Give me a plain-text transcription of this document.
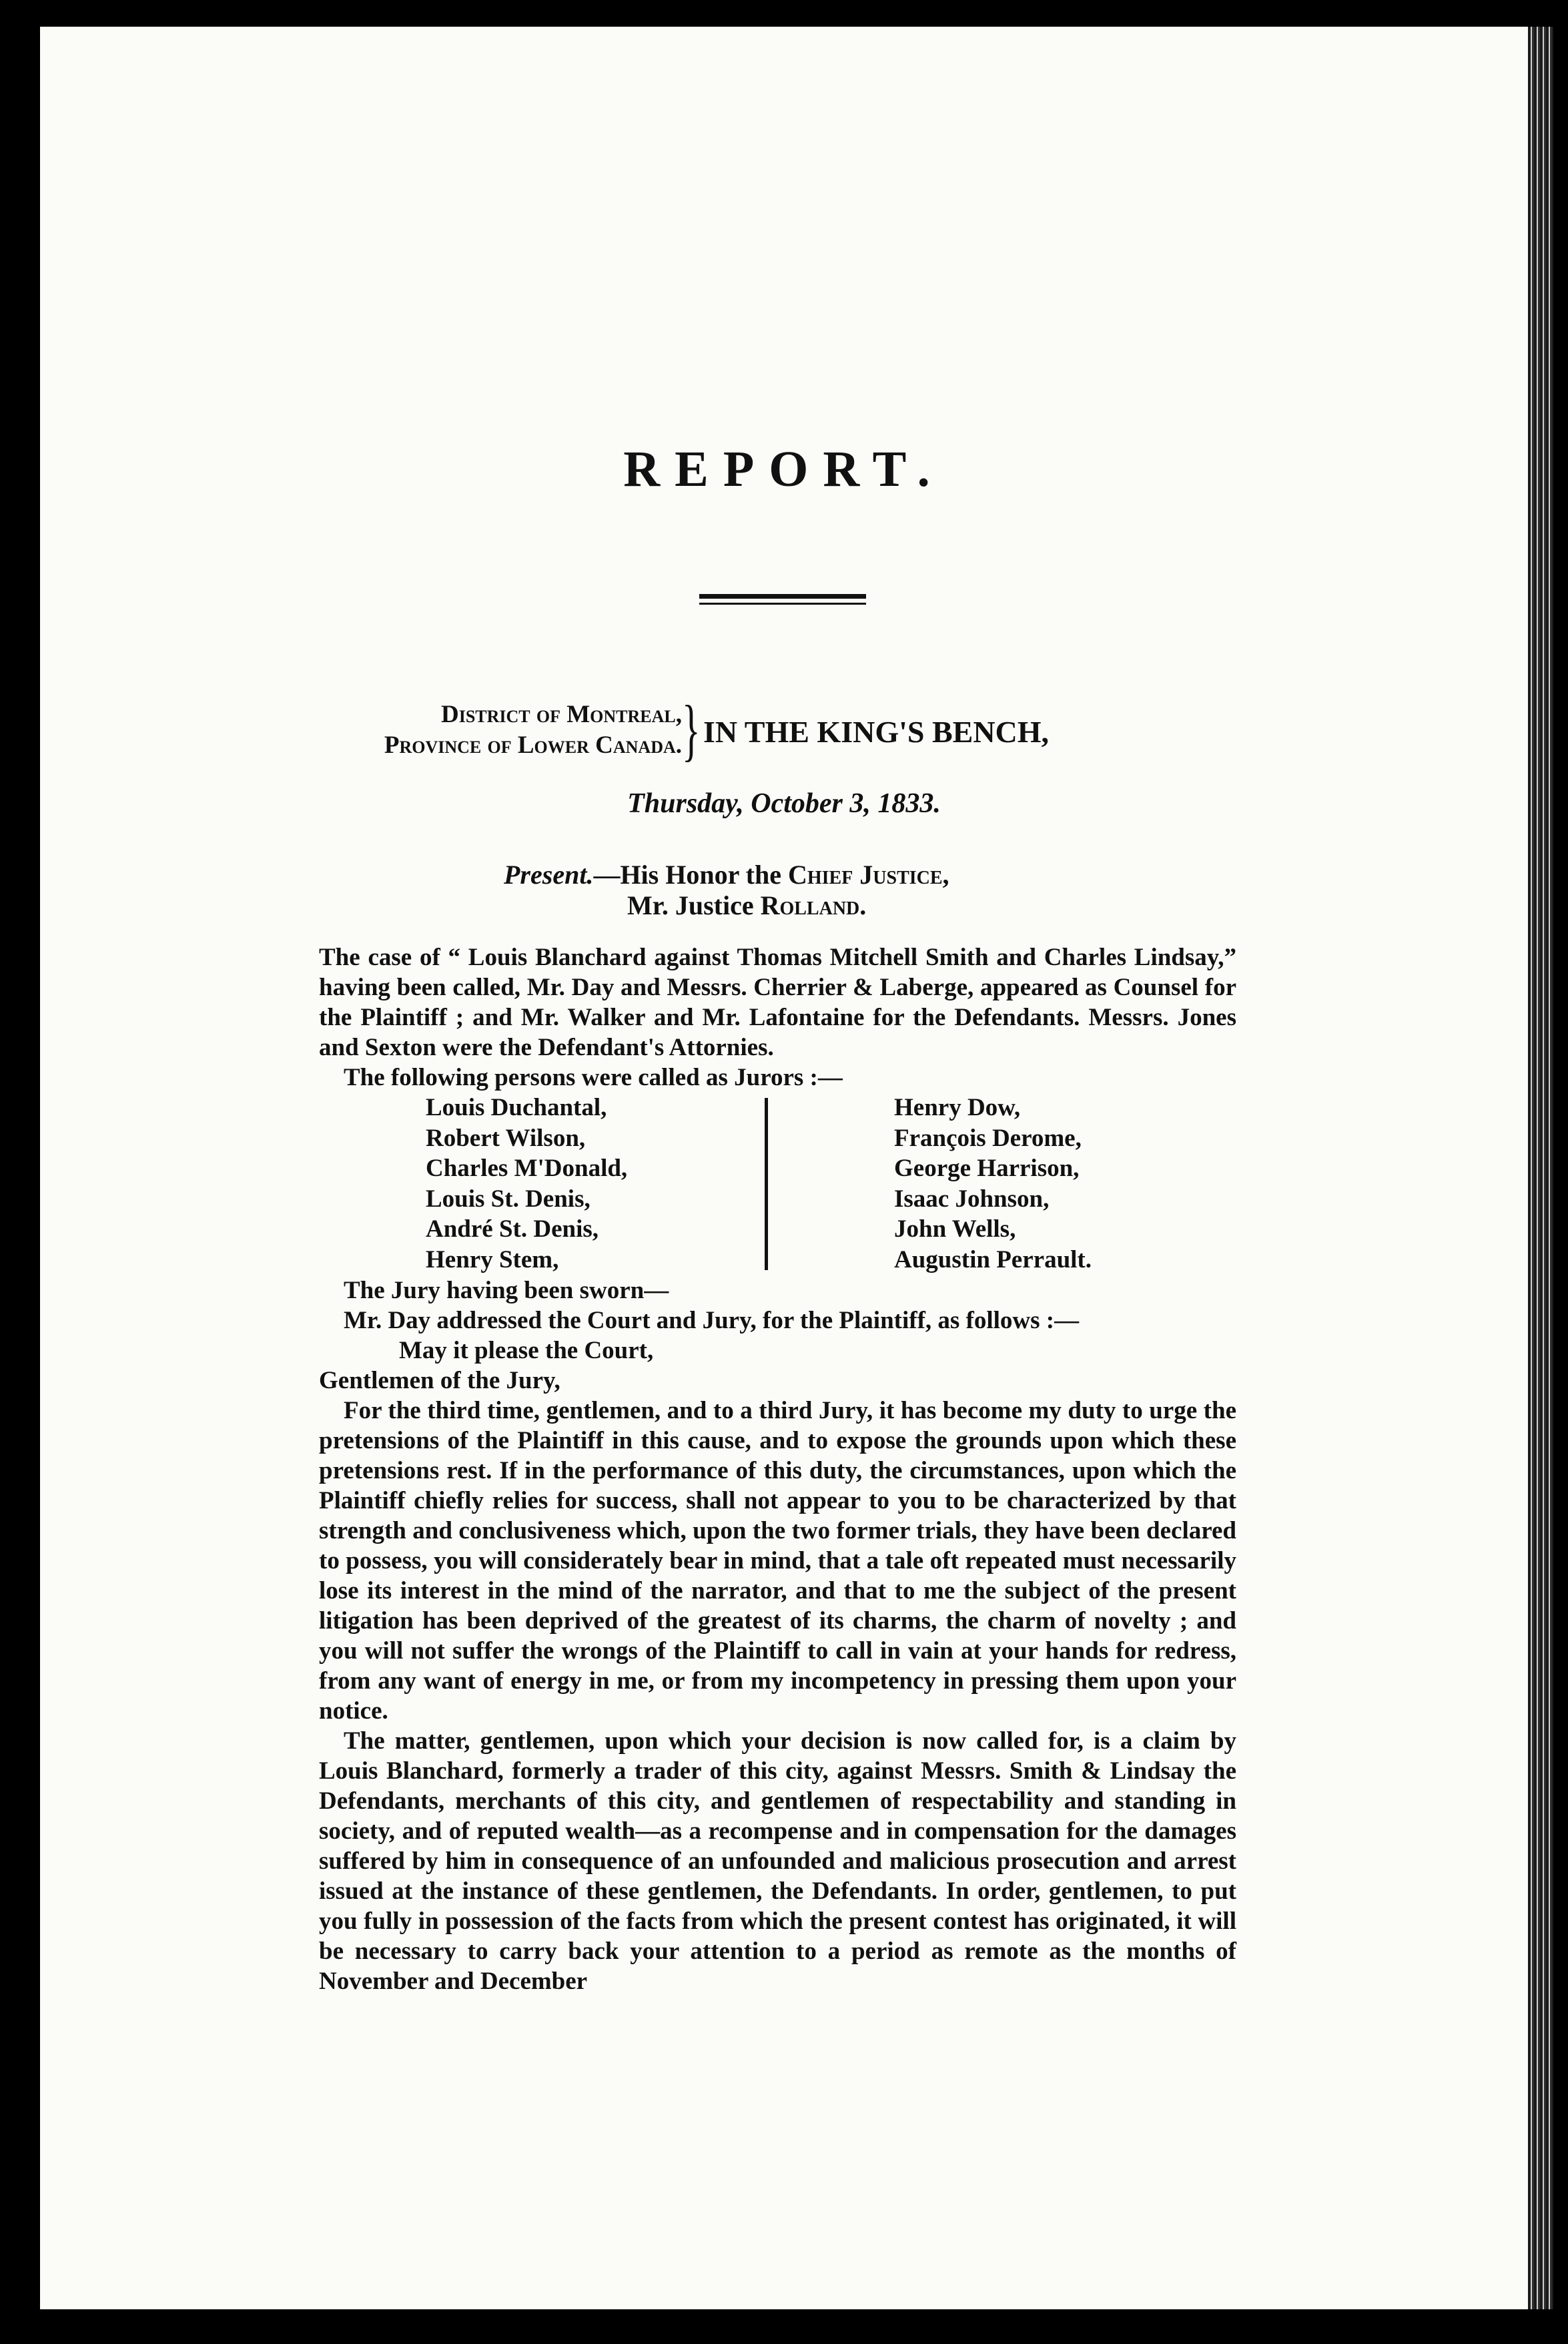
REPORT.
District of Montreal,
Province of Lower Canada. } IN THE KING'S BENCH,
Thursday, October 3, 1833.
Present.—His Honor the Chief Justice,
Mr. Justice Rolland.

The case of “ Louis Blanchard against Thomas Mitchell Smith and Charles Lindsay,” having been called, Mr. Day and Messrs. Cherrier & Laberge, appeared as Counsel for the Plaintiff ; and Mr. Walker and Mr. Lafontaine for the Defendants. Messrs. Jones and Sexton were the Defendant's Attornies.

The following persons were called as Jurors :—

Louis Duchantal,
Robert Wilson,
Charles M'Donald,
Louis St. Denis,
André St. Denis,
Henry Stem,
Henry Dow,
François Derome,
George Harrison,
Isaac Johnson,
John Wells,
Augustin Perrault.

The Jury having been sworn—

Mr. Day addressed the Court and Jury, for the Plaintiff, as follows :—

May it please the Court,

Gentlemen of the Jury,

For the third time, gentlemen, and to a third Jury, it has become my duty to urge the pretensions of the Plaintiff in this cause, and to expose the grounds upon which these pretensions rest. If in the performance of this duty, the circumstances, upon which the Plaintiff chiefly relies for success, shall not appear to you to be characterized by that strength and conclusiveness which, upon the two former trials, they have been declared to possess, you will considerately bear in mind, that a tale oft repeated must necessarily lose its interest in the mind of the narrator, and that to me the subject of the present litigation has been deprived of the greatest of its charms, the charm of novelty ; and you will not suffer the wrongs of the Plaintiff to call in vain at your hands for redress, from any want of energy in me, or from my incompetency in pressing them upon your notice.

The matter, gentlemen, upon which your decision is now called for, is a claim by Louis Blanchard, formerly a trader of this city, against Messrs. Smith & Lindsay the Defendants, merchants of this city, and gentlemen of respectability and standing in society, and of reputed wealth—as a recompense and in compensation for the damages suffered by him in consequence of an unfounded and malicious prosecution and arrest issued at the instance of these gentlemen, the Defendants. In order, gentlemen, to put you fully in possession of the facts from which the present contest has originated, it will be necessary to carry back your attention to a period as remote as the months of November and December
